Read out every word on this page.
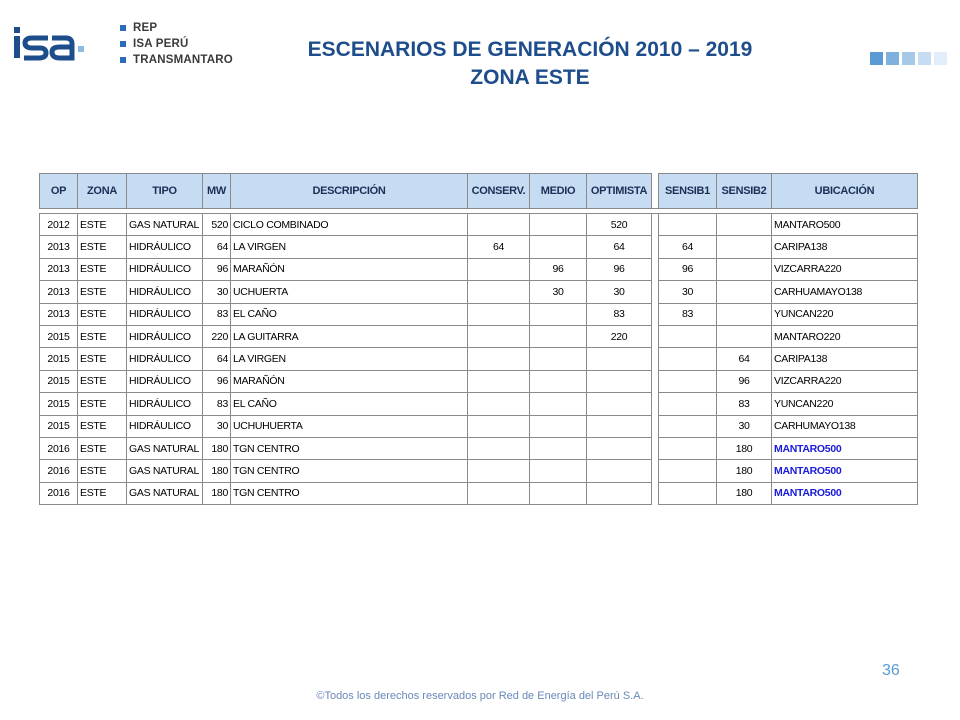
REP
ISA PERÚ
TRANSMANTARO	ESCENARIOS DE GENERACIÓN 2010 – 2019
ZONA ESTE
OP	ZONA	TIPO	MW	DESCRIPCIÓN	CONSERV.	MEDIO	OPTIMISTA		SENSIB1	SENSIB2	UBICACIÓN

2012	ESTE	GAS NATURAL	520	CICLO COMBINADO			520				MANTARO500
2013	ESTE	HIDRÁULICO	64	LA VIRGEN	64		64		64		CARIPA138
2013	ESTE	HIDRÁULICO	96	MARAÑÓN		96	96		96		VIZCARRA220
2013	ESTE	HIDRÁULICO	30	UCHUERTA		30	30		30		CARHUAMAYO138
2013	ESTE	HIDRÁULICO	83	EL CAÑO			83		83		YUNCAN220
2015	ESTE	HIDRÁULICO	220	LA GUITARRA			220				MANTARO220
2015	ESTE	HIDRÁULICO	64	LA VIRGEN						64	CARIPA138
2015	ESTE	HIDRÁULICO	96	MARAÑÓN						96	VIZCARRA220
2015	ESTE	HIDRÁULICO	83	EL CAÑO						83	YUNCAN220
2015	ESTE	HIDRÁULICO	30	UCHUHUERTA						30	CARHUMAYO138
2016	ESTE	GAS NATURAL	180	TGN CENTRO						180	MANTARO500
2016	ESTE	GAS NATURAL	180	TGN CENTRO						180	MANTARO500
2016	ESTE	GAS NATURAL	180	TGN CENTRO						180	MANTARO500
36
©Todos los derechos reservados por Red de Energía del Perú S.A.
